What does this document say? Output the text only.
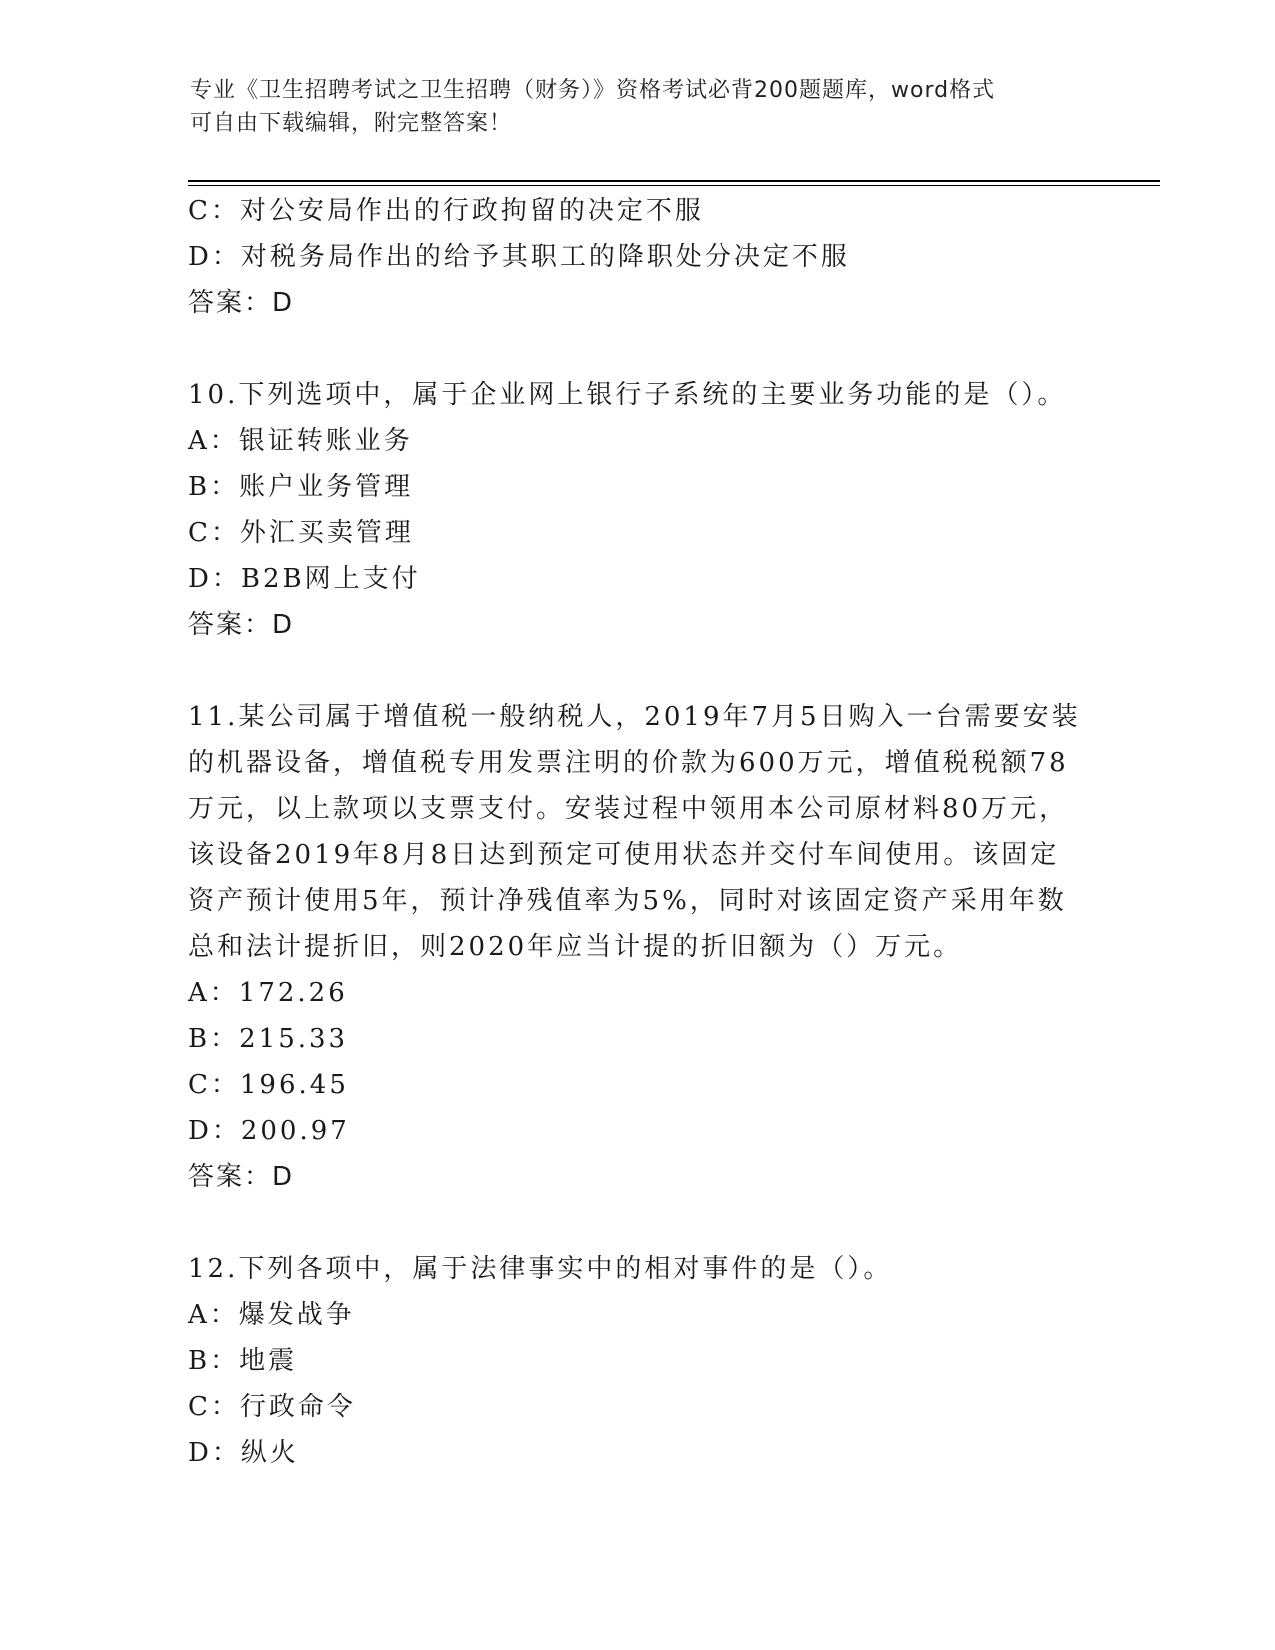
专业《卫生招聘考试之卫生招聘（财务）》资格考试必背200题题库，word格式
可自由下载编辑，附完整答案！
C：对公安局作出的行政拘留的决定不服
D：对税务局作出的给予其职工的降职处分决定不服
答案：D
10.下列选项中，属于企业网上银行子系统的主要业务功能的是（）。
A：银证转账业务
B：账户业务管理
C：外汇买卖管理
D：B2B网上支付
答案：D
11.某公司属于增值税一般纳税人，2019年7月5日购入一台需要安装
的机器设备，增值税专用发票注明的价款为600万元，增值税税额78
万元，以上款项以支票支付。安装过程中领用本公司原材料80万元，
该设备2019年8月8日达到预定可使用状态并交付车间使用。该固定
资产预计使用5年，预计净残值率为5%，同时对该固定资产采用年数
总和法计提折旧，则2020年应当计提的折旧额为（）万元。
A：172.26
B：215.33
C：196.45
D：200.97
答案：D
12.下列各项中，属于法律事实中的相对事件的是（）。
A：爆发战争
B：地震
C：行政命令
D：纵火
